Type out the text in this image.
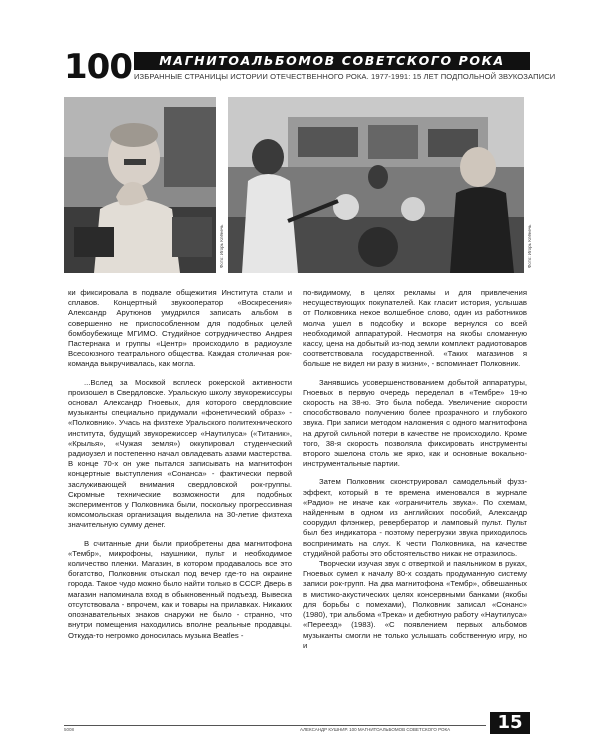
100	МАГНИТОАЛЬБОМОВ СОВЕТСКОГО РОКА
ИЗБРАННЫЕ СТРАНИЦЫ ИСТОРИИ ОТЕЧЕСТВЕННОГО РОКА. 1977-1991: 15 ЛЕТ ПОДПОЛЬНОЙ ЗВУКОЗАПИСИ
Фото: Игорь Клёнечь	Фото: Игорь Клёнечь

ки фиксировала в подвале общежития Института стали и сплавов. Концертный звукооператор «Воскресения» Александр Арутюнов умудрился записать альбом в совершенно не приспособленном для подобных целей бомбоубежище МГИМО. Студийное сотрудничество Андрея Пастернака и группы «Центр» происходило в радиоузле Всесоюзного театрального общества. Каждая столичная рок-команда выкручивалась, как могла.

...Вслед за Москвой всплеск рокерской активности произошел в Свердловске. Уральскую школу звукорежиссуры основал Александр Гноевых, для которого свердловские музыканты специально придумали «фонетический образ» - «Полковник». Учась на физтехе Уральского политехнического института, будущий звукорежиссер «Наутилуса» («Титаник», «Крылья», «Чужая земля») оккупировал студенческий радиоузел и постепенно начал овладевать азами мастерства. В конце 70-х он уже пытался записывать на магнитофон концертные выступления «Сонанса» - фактически первой заслуживающей внимания свердловской рок-группы. Скромные технические возможности для подобных экспериментов у Полковника были, поскольку прогрессивная комсомольская организация выделила на 30-летие физтеха значительную сумму денег.

В считанные дни были приобретены два магнитофона «Тембр», микрофоны, наушники, пульт и необходимое количество пленки. Магазин, в котором продавалось все это богатство, Полковник отыскал под вечер где-то на окраине города. Такое чудо можно было найти только в СССР. Дверь в магазин напоминала вход в обыкновенный подъезд. Вывеска отсутствовала - впрочем, как и товары на прилавках. Никаких опознавательных знаков снаружи не было - странно, что внутри помещения находились вполне реальные продавцы. Откуда-то негромко доносилась музыка Beatles -

по-видимому, в целях рекламы и для привлечения несуществующих покупателей. Как гласит история, услышав от Полковника некое волшебное слово, один из работников молча ушел в подсобку и вскоре вернулся со всей необходимой аппаратурой. Несмотря на якобы сломанную кассу, цена на добытый из-под земли комплект радиотоваров соответствовала государственной. «Таких магазинов я больше не видел ни разу в жизни», - вспоминает Полковник.

Занявшись усовершенствованием добытой аппаратуры, Гноевых в первую очередь переделал в «Тембре» 19-ю скорость на 38-ю. Это была победа. Увеличение скорости способствовало получению более прозрачного и глубокого звука. При записи методом наложения с одного магнитофона на другой сильной потери в качестве не происходило. Кроме того, 38-я скорость позволяла фиксировать инструменты второго эшелона столь же ярко, как и основные вокально-инструментальные партии.

Затем Полковник сконструировал самодельный фузз-эффект, который в те времена именовался в журнале «Радио» не иначе как «ограничитель звука». По схемам, найденным в одном из английских пособий, Александр соорудил флэнжер, ревербератор и ламповый пульт. Пульт был без индикатора - поэтому перегрузки звука приходилось воспринимать на слух. К чести Полковника, на качестве студийной работы это обстоятельство никак не отразилось.

Творчески изучая звук с отверткой и паяльником в руках, Гноевых сумел к началу 80-х создать продуманную систему записи рок-групп. На два магнитофона «Тембр», обвешанных в мистико-акустических целях консервными банками (якобы для борьбы с помехами), Полковник записал «Сонанс» (1980), три альбома «Трека» и дебютную работу «Наутилуса» «Переезд» (1983). «С появлением первых альбомов музыканты смогли не только услышать собственную игру, но и

5008	АЛЕКСАНДР КУШНИР. 100 МАГНИТОАЛЬБОМОВ СОВЕТСКОГО РОКА	15
